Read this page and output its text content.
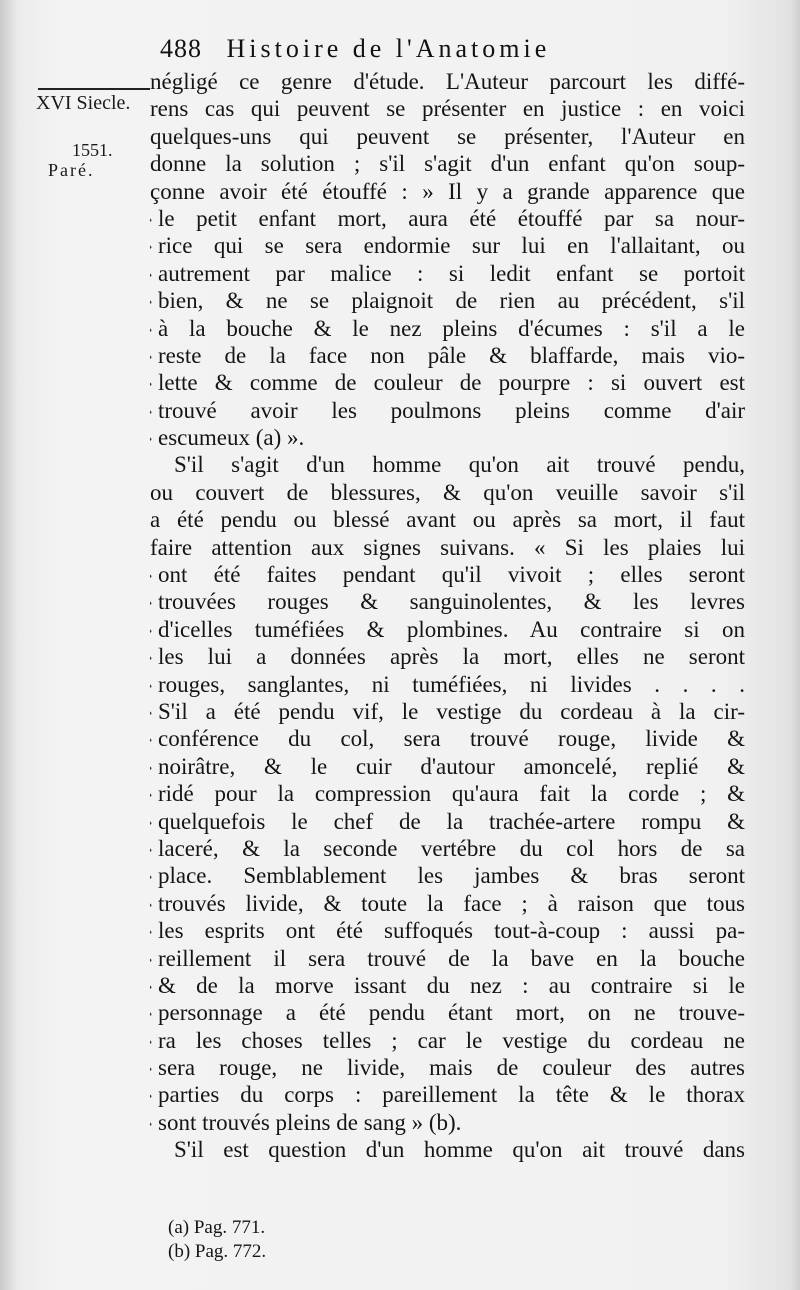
488 Histoire de l'Anatomie
XVI Siecle.
1551.
Paré.
négligé ce genre d'étude. L'Auteur parcourt les diffé-
rens cas qui peuvent se présenter en justice : en voici
quelques-uns qui peuvent se présenter, l'Auteur en
donne la solution ; s'il s'agit d'un enfant qu'on soup-
çonne avoir été étouffé : » Il y a grande apparence que
» le petit enfant mort, aura été étouffé par sa nour-
» rice qui se sera endormie sur lui en l'allaitant, ou
» autrement par malice : si ledit enfant se portoit
» bien, & ne se plaignoit de rien au précédent, s'il
» à la bouche & le nez pleins d'écumes : s'il a le
» reste de la face non pâle & blaffarde, mais vio-
» lette & comme de couleur de pourpre : si ouvert est
» trouvé avoir les poulmons pleins comme d'air
» escumeux (a) ».
S'il s'agit d'un homme qu'on ait trouvé pendu,
ou couvert de blessures, & qu'on veuille savoir s'il
a été pendu ou blessé avant ou après sa mort, il faut
faire attention aux signes suivans. « Si les plaies lui
» ont été faites pendant qu'il vivoit ; elles seront
» trouvées rouges & sanguinolentes, & les levres
» d'icelles tuméfiées & plombines. Au contraire si on
» les lui a données après la mort, elles ne seront
» rouges, sanglantes, ni tuméfiées, ni livides . . . .
» S'il a été pendu vif, le vestige du cordeau à la cir-
» conférence du col, sera trouvé rouge, livide &
» noirâtre, & le cuir d'autour amoncelé, replié &
» ridé pour la compression qu'aura fait la corde ; &
» quelquefois le chef de la trachée-artere rompu &
» laceré, & la seconde vertébre du col hors de sa
» place. Semblablement les jambes & bras seront
» trouvés livide, & toute la face ; à raison que tous
» les esprits ont été suffoqués tout-à-coup : aussi pa-
» reillement il sera trouvé de la bave en la bouche
» & de la morve issant du nez : au contraire si le
» personnage a été pendu étant mort, on ne trouve-
» ra les choses telles ; car le vestige du cordeau ne
» sera rouge, ne livide, mais de couleur des autres
» parties du corps : pareillement la tête & le thorax
» sont trouvés pleins de sang » (b).
S'il est question d'un homme qu'on ait trouvé dans
(a) Pag. 771.
(b) Pag. 772.
